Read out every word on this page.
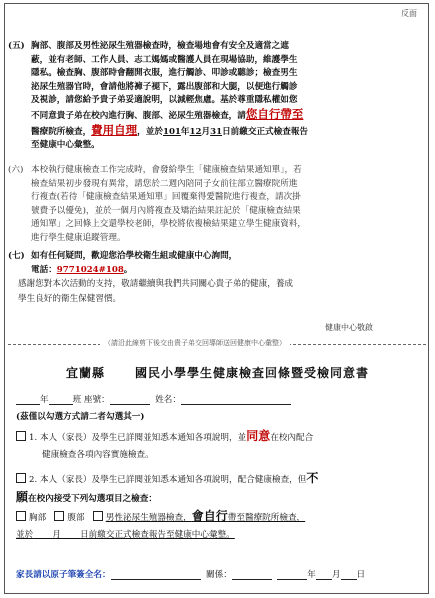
反面
(五) 胸部、腹部及男性泌尿生殖器檢查時，檢查場地會有安全及適當之遮
蔽，並有老師、工作人員、志工媽媽或醫護人員在現場協助，維護學生
隱私。檢查胸、腹部時會翻開衣服，進行觸診、叩診或聽診；檢查男生
泌尿生殖器官時，會請他將褲子褪下，露出腹部和大腿，以便進行觸診
及視診，請您給予貴子弟妥適說明，以減輕焦慮。基於尊重隱私權如您
不同意貴子弟在校內進行胸、腹部、泌尿生殖器檢查，請您自行帶至
醫療院所檢查，費用自理，並於101年12月31日前繳交正式檢查報告
至健康中心彙整。
(六) 本校執行健康檢查工作完成時，會發給學生「健康檢查結果通知單」，若
檢查結果初步發現有異常，請您於二週內陪同子女前往部立醫療院所進
行複查(若待「健康檢查結果通知單」回覆棄得愛醫院進行複查，請次掛
號費予以優免)，並於一個月內將複查及矯治結果註記於「健康檢查結果
通知單」之回條上交還學校老師，學校將依複檢結果建立學生健康資料，
進行學生健康追蹤管理。
(七) 如有任何疑問，歡迎您洽學校衛生組或健康中心詢問，
電話：9771024#108。
感謝您對本次活動的支持，敬請繼續與我們共同關心貴子弟的健康，養成
學生良好的衛生保健習慣。
健康中心敬啟
（請沿此線剪下後交由貴子弟交回導師送回健康中心彙整）
宜蘭縣	國民小學學生健康檢查回條暨受檢同意書
年	班 座號：	姓名：
(茲僅以勾選方式請二者勾選其一)
1. 本人（家長）及學生已詳閱並知悉本通知各項說明，並同意在校內配合
健康檢查各項內容實施檢查。
2. 本人（家長）及學生已詳閱並知悉本通知各項說明，配合健康檢查，但不
願在校內接受下列勾選項目之檢查：
胸部 腹部 男性泌尿生殖器檢查，會自行帶至醫療院所檢查，
並於 月 日前繳交正式檢查報告至健康中心彙整。
家長請以原子筆簽全名：	關係：	年 月 日
